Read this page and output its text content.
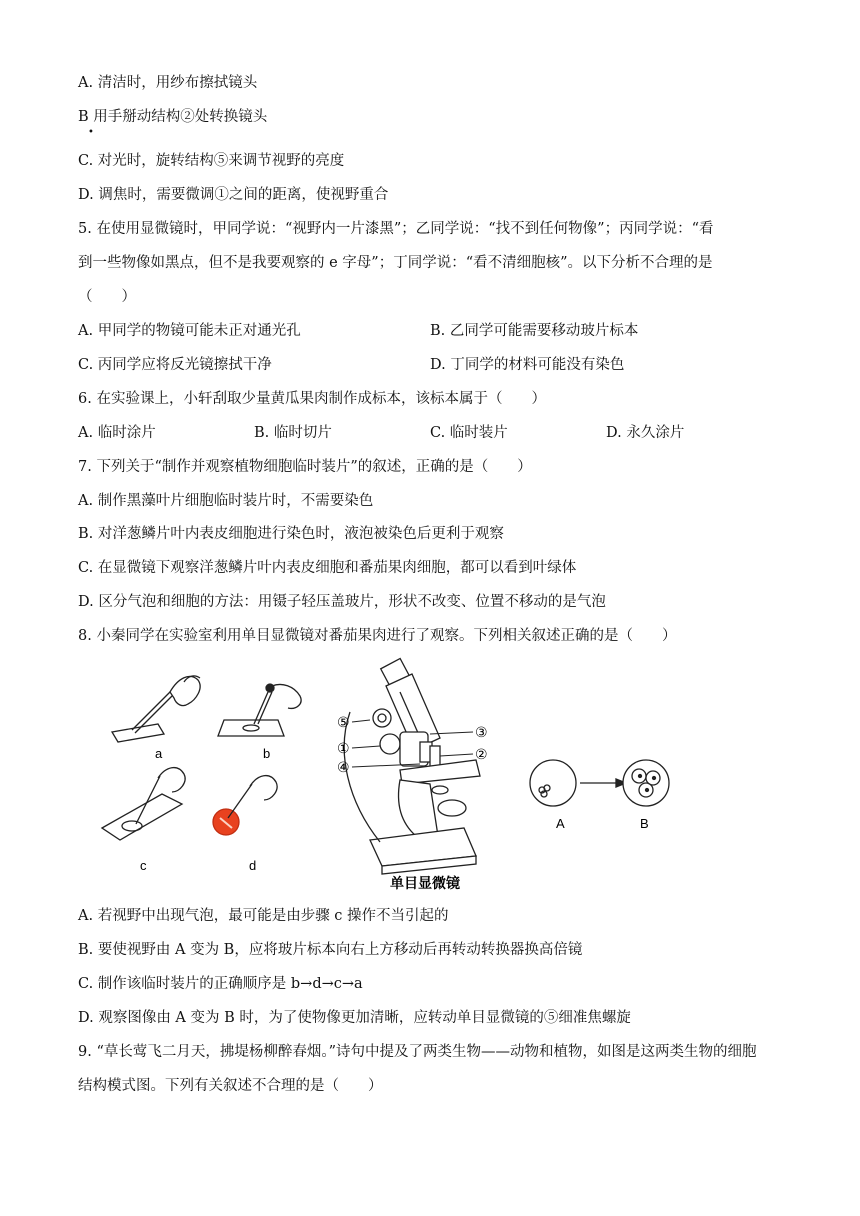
A. 清洁时，用纱布擦拭镜头
B 用手掰动结构②处转换镜头
•
C. 对光时，旋转结构⑤来调节视野的亮度
D. 调焦时，需要微调①之间的距离，使视野重合
5. 在使用显微镜时，甲同学说：“视野内一片漆黑”；乙同学说：“找不到任何物像”；丙同学说：“看
到一些物像如黑点，但不是我要观察的 e 字母”；丁同学说：“看不清细胞核”。以下分析不合理的是
（　　）
A. 甲同学的物镜可能未正对通光孔	B. 乙同学可能需要移动玻片标本
C. 丙同学应将反光镜擦拭干净	D. 丁同学的材料可能没有染色
6. 在实验课上，小轩刮取少量黄瓜果肉制作成标本，该标本属于（　　）
A. 临时涂片	B. 临时切片	C. 临时装片	D. 永久涂片
7. 下列关于“制作并观察植物细胞临时装片”的叙述，正确的是（　　）
A. 制作黑藻叶片细胞临时装片时，不需要染色
B. 对洋葱鳞片叶内表皮细胞进行染色时，液泡被染色后更利于观察
C. 在显微镜下观察洋葱鳞片叶内表皮细胞和番茄果肉细胞，都可以看到叶绿体
D. 区分气泡和细胞的方法：用镊子轻压盖玻片，形状不改变、位置不移动的是气泡
8. 小秦同学在实验室利用单目显微镜对番茄果肉进行了观察。下列相关叙述正确的是（　　）
a	b
c	d
⑤
①
④
③
②
单目显微镜
A	B
A. 若视野中出现气泡，最可能是由步骤 c 操作不当引起的
B. 要使视野由 A 变为 B，应将玻片标本向右上方移动后再转动转换器换高倍镜
C. 制作该临时装片的正确顺序是 b→d→c→a
D. 观察图像由 A 变为 B 时，为了使物像更加清晰，应转动单目显微镜的⑤细准焦螺旋
9. “草长莺飞二月天，拂堤杨柳醉春烟。”诗句中提及了两类生物——动物和植物，如图是这两类生物的细胞
结构模式图。下列有关叙述不合理的是（　　）
